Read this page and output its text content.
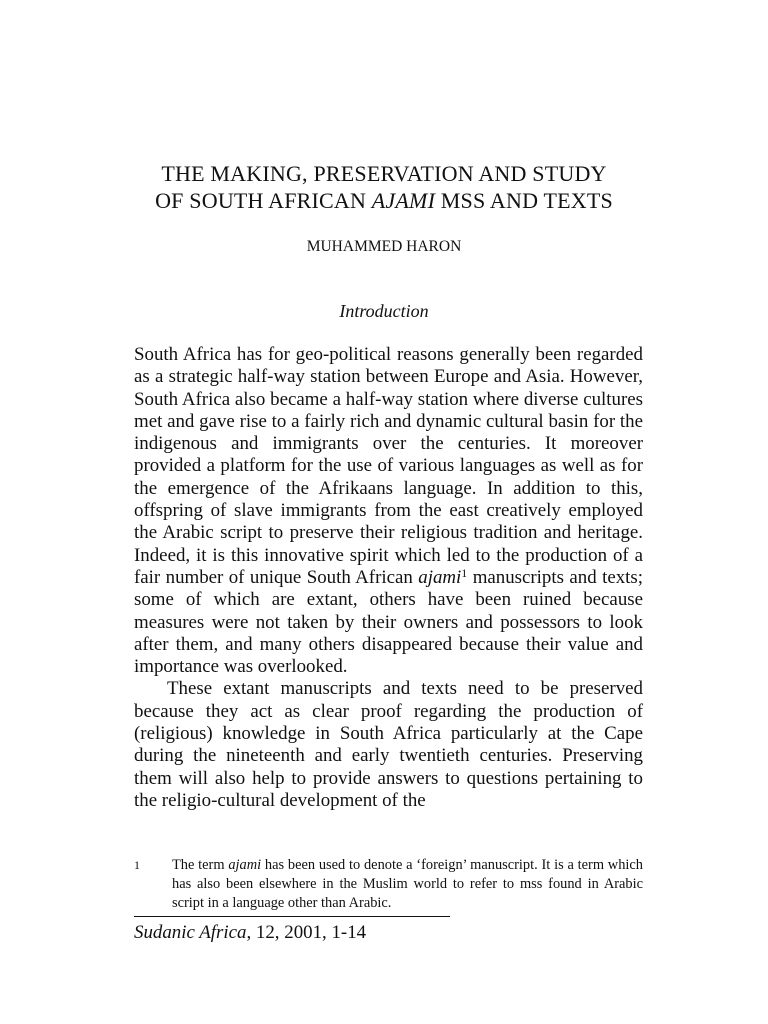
THE MAKING, PRESERVATION AND STUDY
OF SOUTH AFRICAN AJAMI MSS AND TEXTS
MUHAMMED HARON
Introduction

South Africa has for geo-political reasons generally been regarded as a strategic half-way station between Europe and Asia. However, South Africa also became a half-way station where diverse cultures met and gave rise to a fairly rich and dynamic cultural basin for the indigenous and immigrants over the centuries. It moreover provided a platform for the use of various languages as well as for the emergence of the Afrikaans language. In addition to this, offspring of slave immigrants from the east creatively employed the Arabic script to preserve their religious tradition and heritage. Indeed, it is this innovative spirit which led to the production of a fair number of unique South African ajami$^1$ manuscripts and texts; some of which are extant, others have been ruined because measures were not taken by their owners and possessors to look after them, and many others disappeared because their value and importance was overlooked.

These extant manuscripts and texts need to be preserved because they act as clear proof regarding the production of (religious) knowledge in South Africa particularly at the Cape during the nineteenth and early twentieth centuries. Preserving them will also help to provide answers to questions pertaining to the religio-cultural development of the

1 The term ajami has been used to denote a ‘foreign’ manuscript. It is a term which has also been elsewhere in the Muslim world to refer to mss found in Arabic script in a language other than Arabic.
Sudanic Africa, 12, 2001, 1-14
